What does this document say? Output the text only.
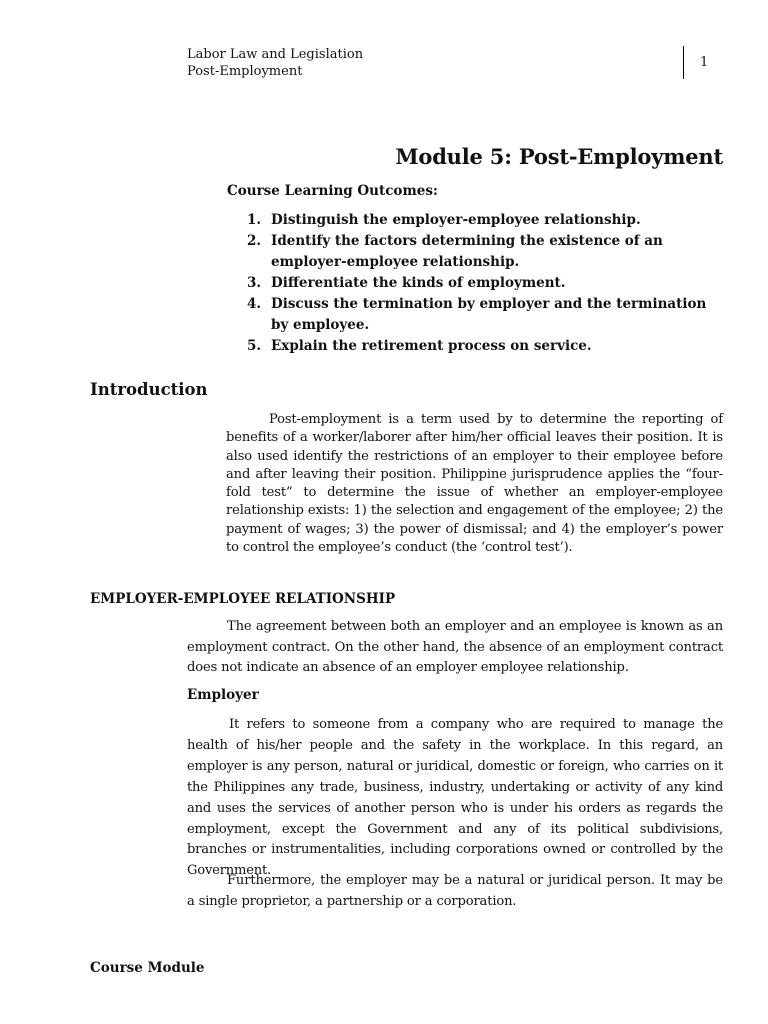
Labor Law and Legislation
Post-Employment
1
Module 5: Post-Employment
Course Learning Outcomes:
1. Distinguish the employer-employee relationship.
2. Identify the factors determining the existence of an employer-employee relationship.
3. Differentiate the kinds of employment.
4. Discuss the termination by employer and the termination by employee.
5. Explain the retirement process on service.
Introduction

Post-employment is a term used by to determine the reporting of benefits of a worker/laborer after him/her official leaves their position. It is also used identify the restrictions of an employer to their employee before and after leaving their position. Philippine jurisprudence applies the “four-fold test” to determine the issue of whether an employer-employee relationship exists: 1) the selection and engagement of the employee; 2) the payment of wages; 3) the power of dismissal; and 4) the employer’s power to control the employee’s conduct (the ‘control test’).

EMPLOYER-EMPLOYEE RELATIONSHIP

The agreement between both an employer and an employee is known as an employment contract. On the other hand, the absence of an employment contract does not indicate an absence of an employer employee relationship.

Employer

It refers to someone from a company who are required to manage the health of his/her people and the safety in the workplace. In this regard, an employer is any person, natural or juridical, domestic or foreign, who carries on it the Philippines any trade, business, industry, undertaking or activity of any kind and uses the services of another person who is under his orders as regards the employment, except the Government and any of its political subdivisions, branches or instrumentalities, including corporations owned or controlled by the Government.

Furthermore, the employer may be a natural or juridical person. It may be a single proprietor, a partnership or a corporation.

Course Module
